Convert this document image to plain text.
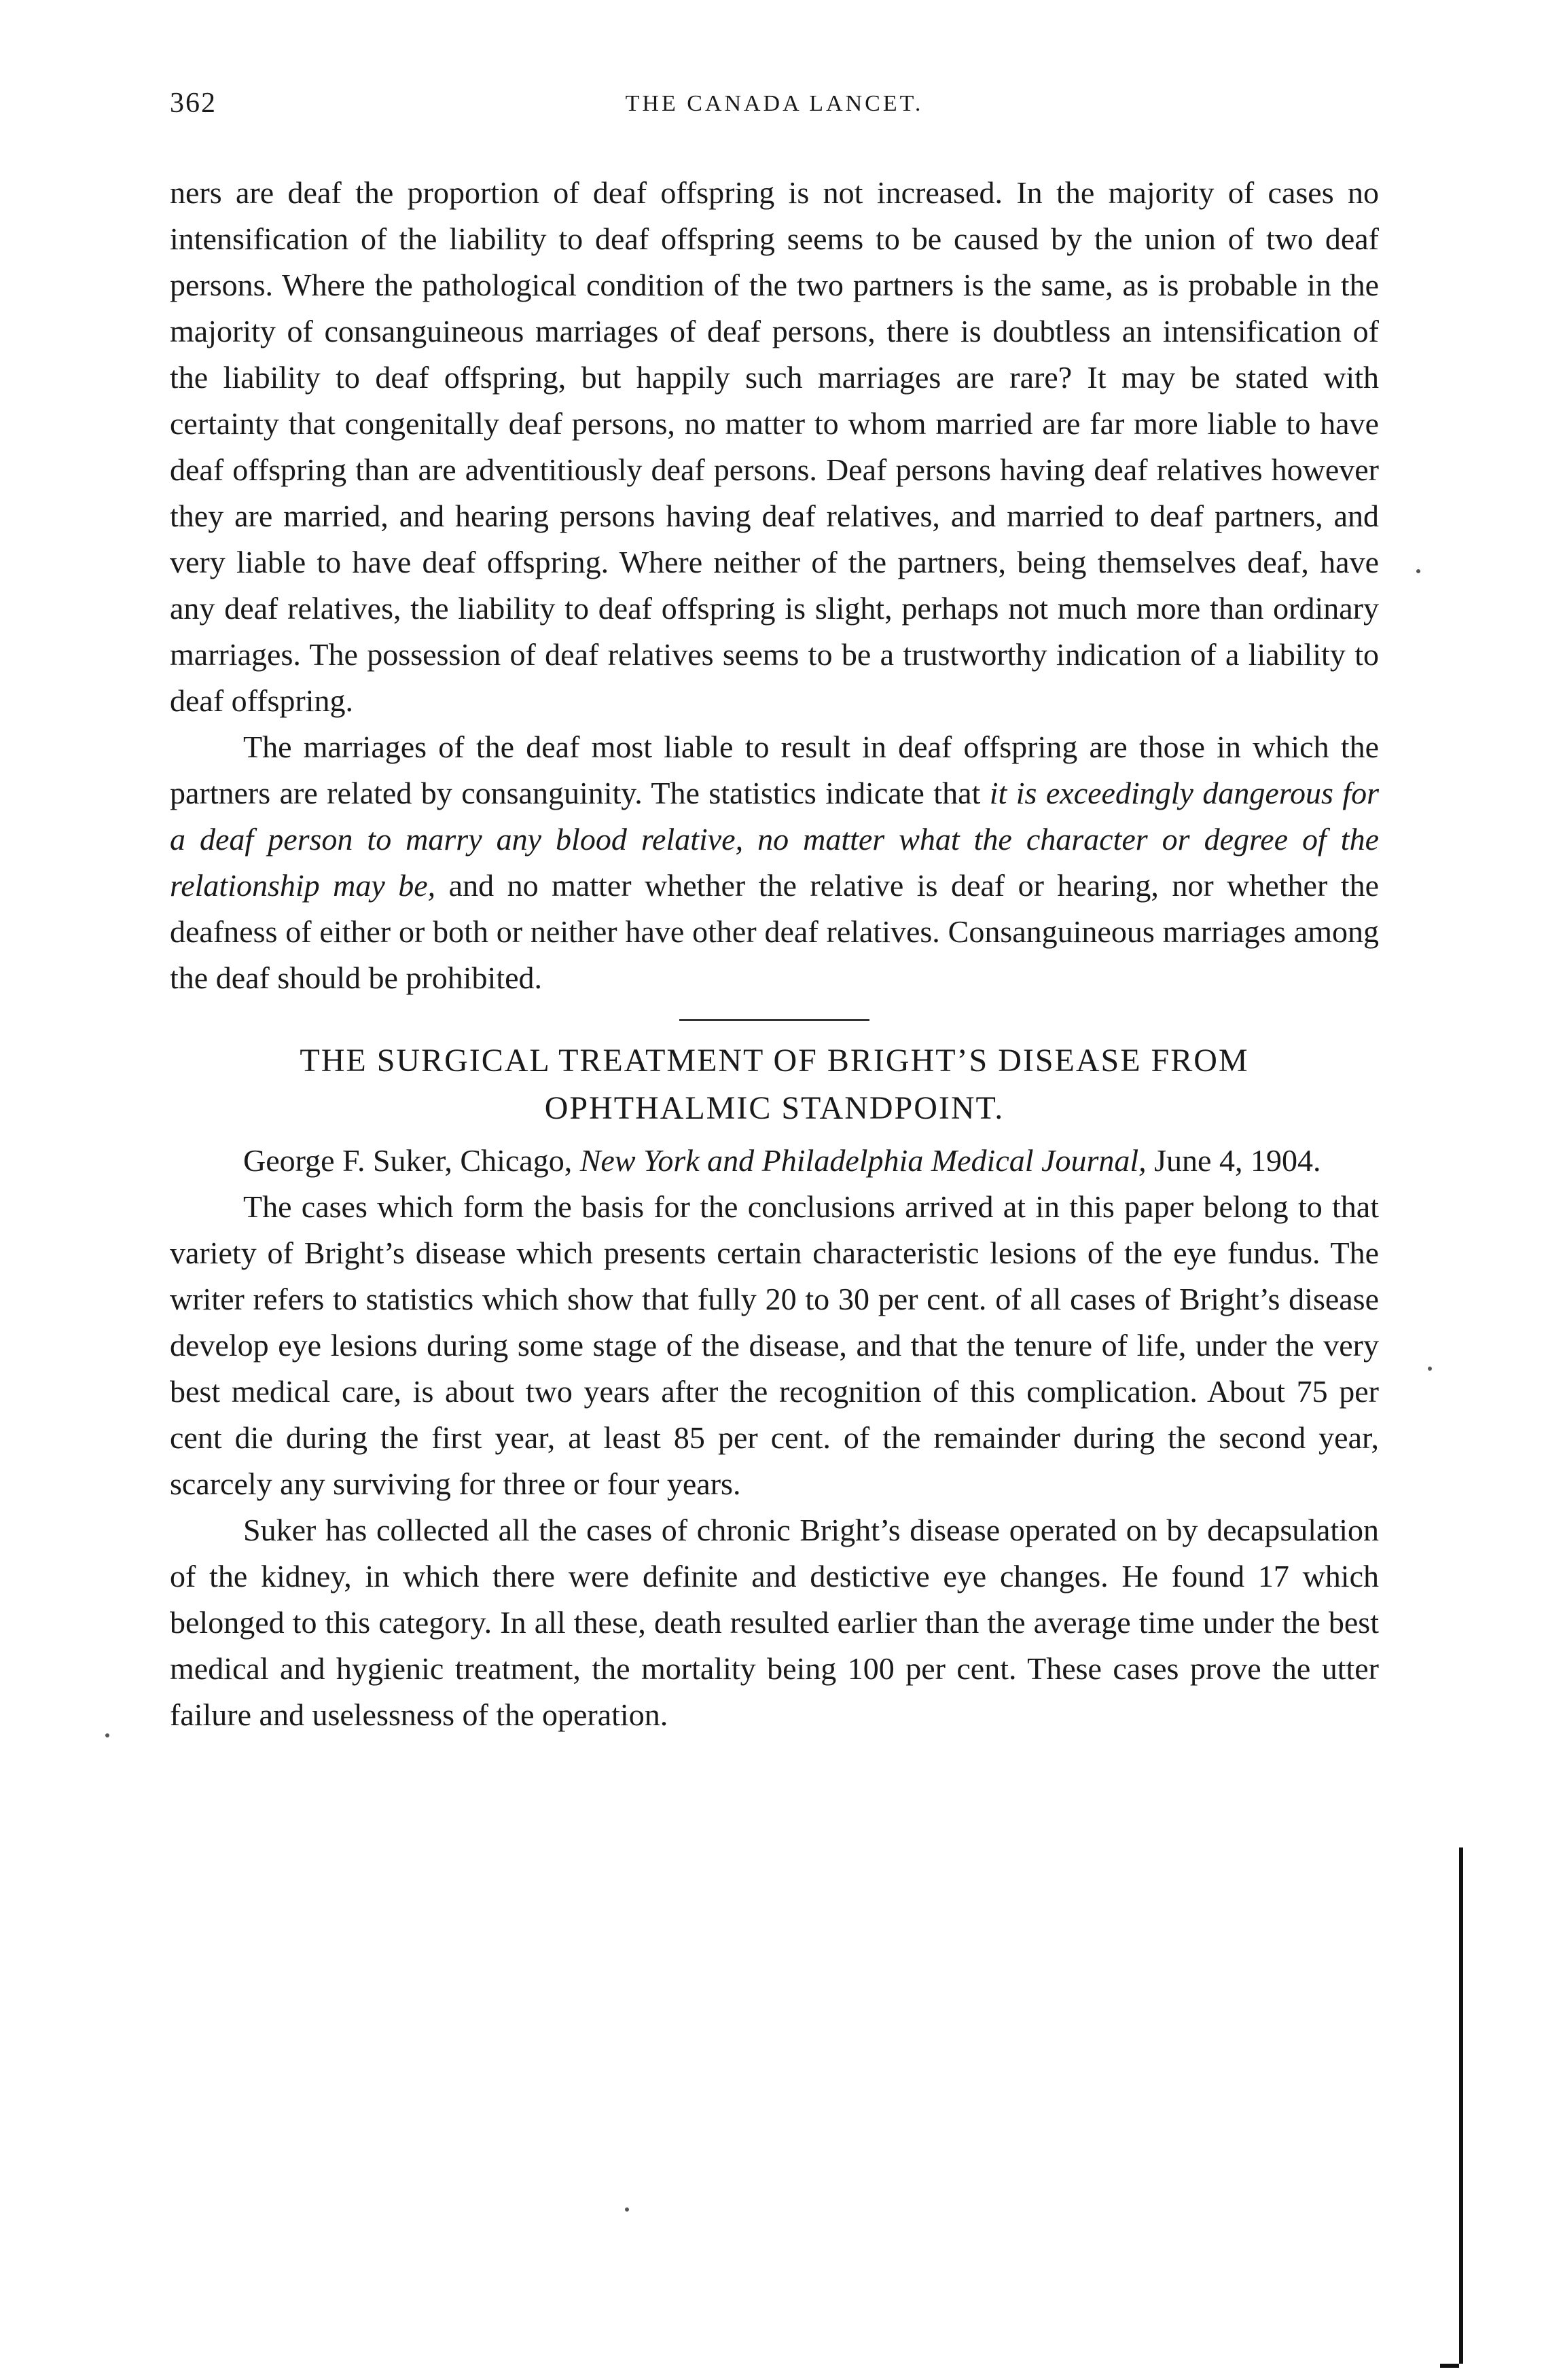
362	THE CANADA LANCET.

ners are deaf the proportion of deaf offspring is not increased. In the majority of cases no intensification of the liability to deaf offspring seems to be caused by the union of two deaf persons. Where the pathological condition of the two partners is the same, as is probable in the majority of consanguineous marriages of deaf persons, there is doubtless an intensification of the liability to deaf offspring, but happily such marriages are rare? It may be stated with certainty that congenitally deaf persons, no matter to whom married are far more liable to have deaf offspring than are adventitiously deaf persons. Deaf persons having deaf relatives however they are married, and hearing persons having deaf relatives, and married to deaf partners, and very liable to have deaf offspring. Where neither of the partners, being themselves deaf, have any deaf relatives, the liability to deaf offspring is slight, perhaps not much more than ordinary marriages. The possession of deaf relatives seems to be a trustworthy indication of a liability to deaf offspring.

The marriages of the deaf most liable to result in deaf offspring are those in which the partners are related by consanguinity. The statistics indicate that it is exceedingly dangerous for a deaf person to marry any blood relative, no matter what the character or degree of the relationship may be, and no matter whether the relative is deaf or hearing, nor whether the deafness of either or both or neither have other deaf relatives. Consanguineous marriages among the deaf should be prohibited.

THE SURGICAL TREATMENT OF BRIGHT’S DISEASE FROM
OPHTHALMIC STANDPOINT.

George F. Suker, Chicago, New York and Philadelphia Medical Journal, June 4, 1904.

The cases which form the basis for the conclusions arrived at in this paper belong to that variety of Bright’s disease which presents certain characteristic lesions of the eye fundus. The writer refers to statistics which show that fully 20 to 30 per cent. of all cases of Bright’s disease develop eye lesions during some stage of the disease, and that the tenure of life, under the very best medical care, is about two years after the recognition of this complication. About 75 per cent die during the first year, at least 85 per cent. of the remainder during the second year, scarcely any surviving for three or four years.

Suker has collected all the cases of chronic Bright’s disease operated on by decapsulation of the kidney, in which there were definite and destictive eye changes. He found 17 which belonged to this category. In all these, death resulted earlier than the average time under the best medical and hygienic treatment, the mortality being 100 per cent. These cases prove the utter failure and uselessness of the operation.
